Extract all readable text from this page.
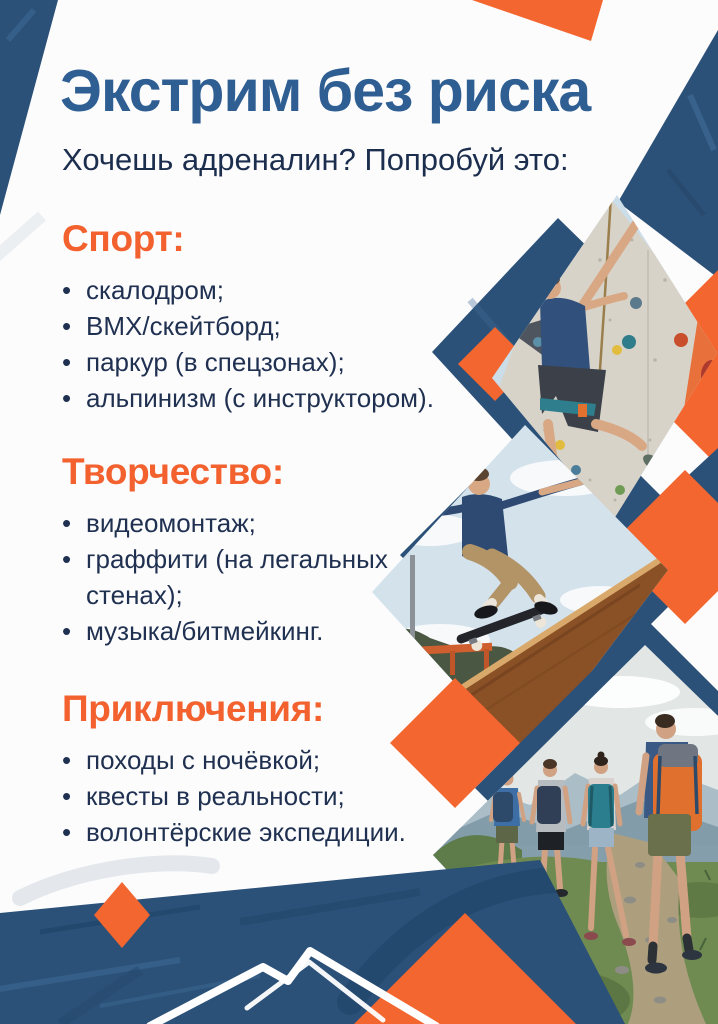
Экстрим без риска

Хочешь адреналин? Попробуй это:

Спорт:
• скалодром;
• BMX/скейтборд;
• паркур (в спецзонах);
• альпинизм (с инструктором).
Творчество:
• видеомонтаж;
• граффити (на легальных стенах);
• музыка/битмейкинг.
Приключения:
• походы с ночёвкой;
• квесты в реальности;
• волонтёрские экспедиции.
